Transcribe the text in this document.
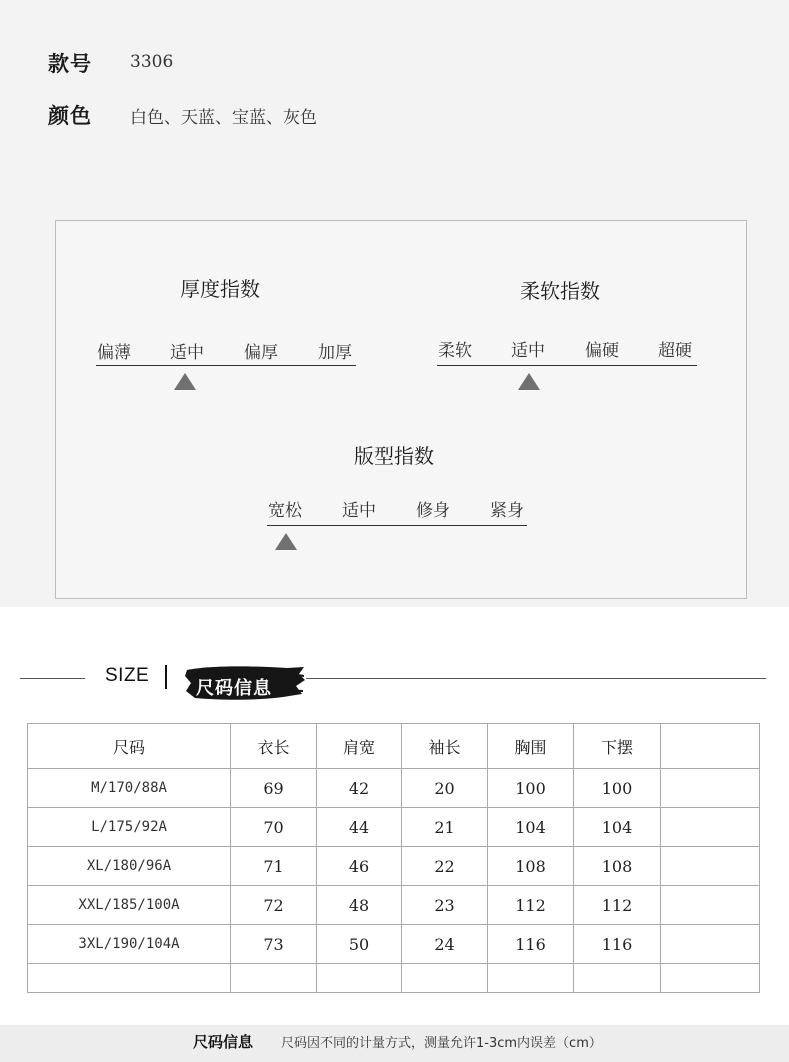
款号 3306
颜色 白色、天蓝、宝蓝、灰色
厚度指数
偏薄 适中 偏厚 加厚
柔软指数
柔软 适中 偏硬 超硬
版型指数
宽松 适中 修身 紧身
SIZE
尺码信息
尺码	衣长	肩宽	袖长	胸围	下摆	
M/170/88A	69	42	20	100	100	
L/175/92A	70	44	21	104	104	
XL/180/96A	71	46	22	108	108	
XXL/185/100A	72	48	23	112	112	
3XL/190/104A	73	50	24	116	116	

尺码信息 尺码因不同的计量方式，测量允许1-3cm内误差（cm）
